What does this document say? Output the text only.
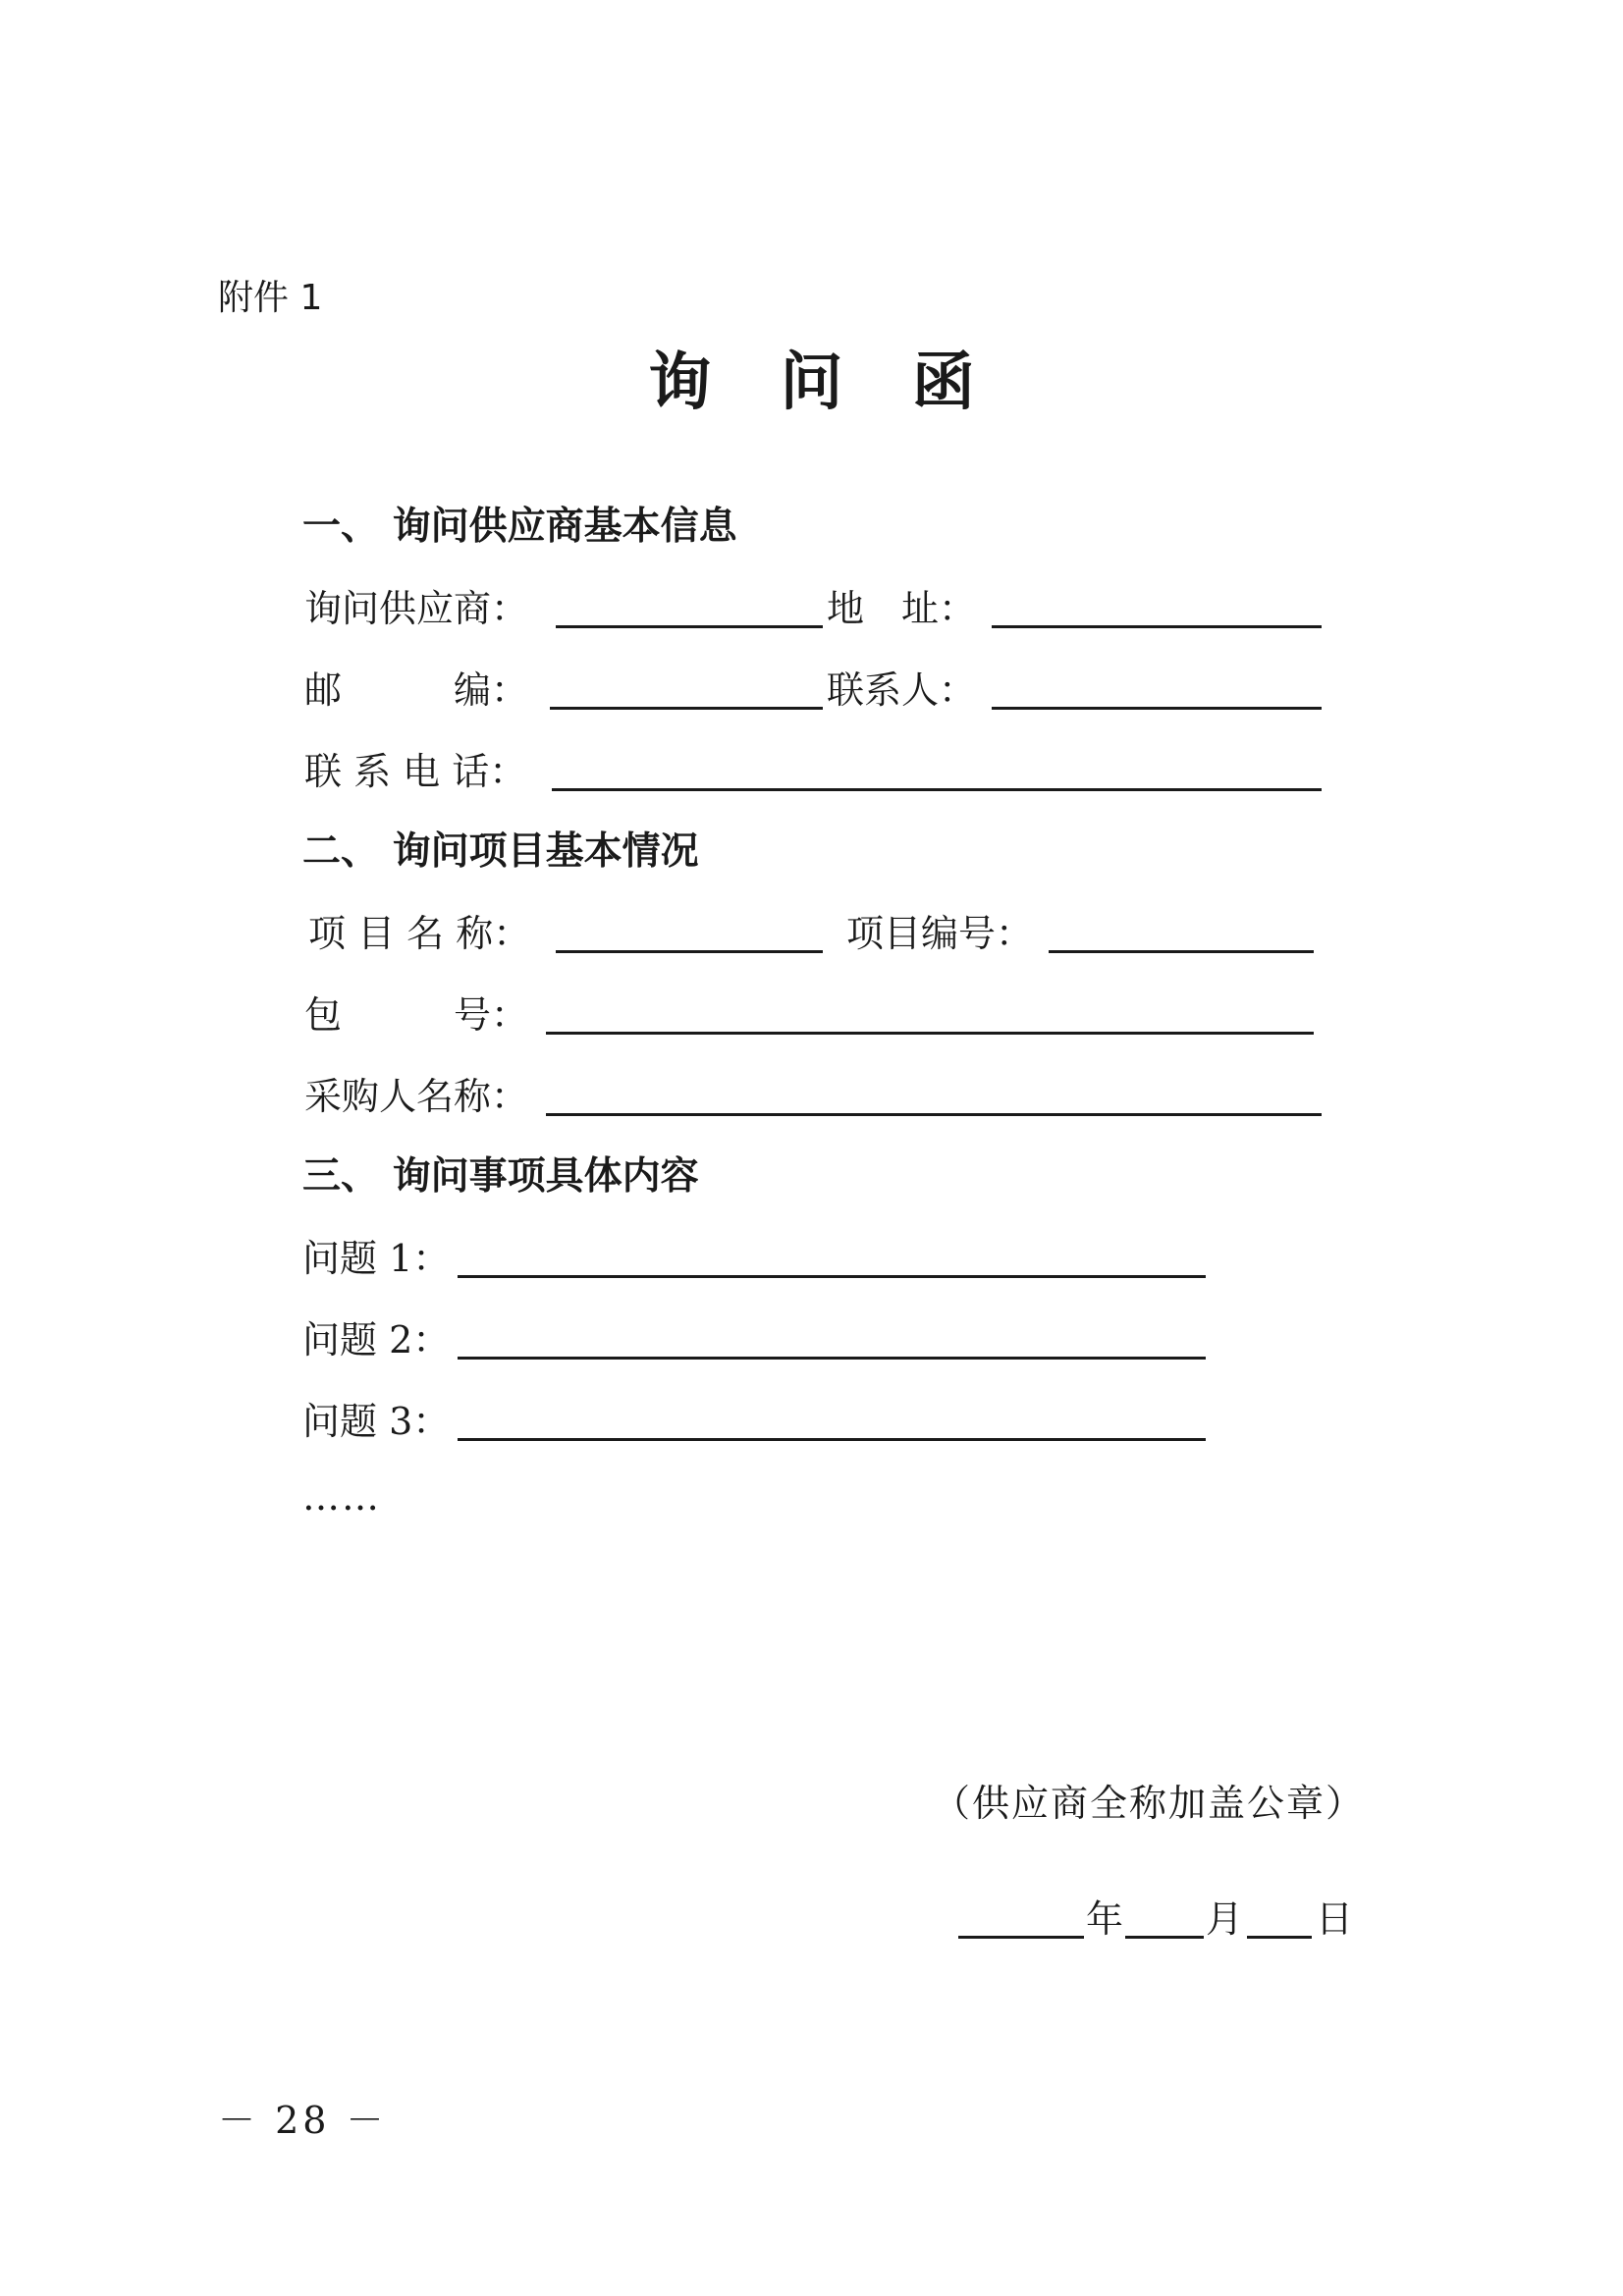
附件 1
询 问 函
一、 询问供应商基本信息
询问供应商：	地　址：
邮　　　编：	联系人：
联 系 电 话：
二、 询问项目基本情况
项 目 名 称：	项目编号：
包　　　号：
采购人名称：
三、 询问事项具体内容
问题 1：
问题 2：
问题 3：
……
（供应商全称加盖公章）
年 月 日
－ 28 －
